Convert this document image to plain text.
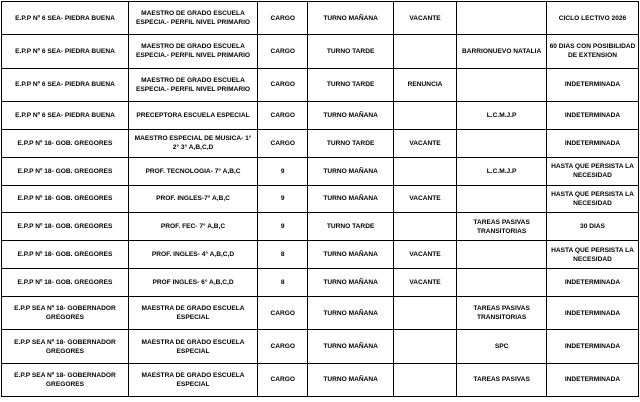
E.P.P Nº 6 SEA- PIEDRA BUENA	MAESTRO DE GRADO ESCUELA ESPECIA.- PERFIL NIVEL PRIMARIO	CARGO	TURNO MAÑANA	VACANTE		CICLO LECTIVO 2026
E.P.P Nº 6 SEA- PIEDRA BUENA	MAESTRO DE GRADO ESCUELA ESPECIA.- PERFIL NIVEL PRIMARIO	CARGO	TURNO TARDE		BARRIONUEVO NATALIA	60 DIAS CON POSIBILIDAD DE EXTENSION
E.P.P Nº 6 SEA- PIEDRA BUENA	MAESTRO DE GRADO ESCUELA ESPECIA.- PERFIL NIVEL PRIMARIO	CARGO	TURNO TARDE	RENUNCIA		INDETERMINADA
E.P.P Nº 6 SEA- PIEDRA BUENA	PRECEPTORA ESCUELA ESPECIAL	CARGO	TURNO MAÑANA		L.C.M.J.P	INDETERMINADA
E.P.P Nº 18- GOB. GREGORES	MAESTRO ESPECIAL DE MUSICA- 1° 2° 3° A,B,C,D	CARGO	TURNO TARDE	VACANTE		INDETERMINADA
E.P.P Nº 18- GOB. GREGORES	PROF. TECNOLOGIA- 7° A,B,C	9	TURNO MAÑANA		L.C.M.J.P	HASTA QUE PERSISTA LA NECESIDAD
E.P.P Nº 18- GOB. GREGORES	PROF. INGLES-7° A,B,C	9	TURNO MAÑANA	VACANTE		HASTA QUE PERSISTA LA NECESIDAD
E.P.P Nº 18- GOB. GREGORES	PROF. FEC- 7° A,B,C	9	TURNO TARDE		TAREAS PASIVAS TRANSITORIAS	30 DIAS
E.P.P Nº 18- GOB. GREGORES	PROF. INGLES- 4° A,B,C,D	8	TURNO MAÑANA	VACANTE		HASTA QUE PERSISTA LA NECESIDAD
E.P.P Nº 18- GOB. GREGORES	PROF INGLES- 6° A,B,C,D	8	TURNO MAÑANA	VACANTE		INDETERMINADA
E.P.P SEA Nº 18- GOBERNADOR GREGORES	MAESTRA DE GRADO ESCUELA ESPECIAL	CARGO	TURNO MAÑANA		TAREAS PASIVAS TRANSITORIAS	INDETERMINADA
E.P.P SEA Nº 18- GOBERNADOR GREGORES	MAESTRA DE GRADO ESCUELA ESPECIAL	CARGO	TURNO MAÑANA		SPC	INDETERMINADA
E.P.P SEA Nº 18- GOBERNADOR GREGORES	MAESTRA DE GRADO ESCUELA ESPECIAL	CARGO	TURNO MAÑANA		TAREAS PASIVAS	INDETERMINADA
